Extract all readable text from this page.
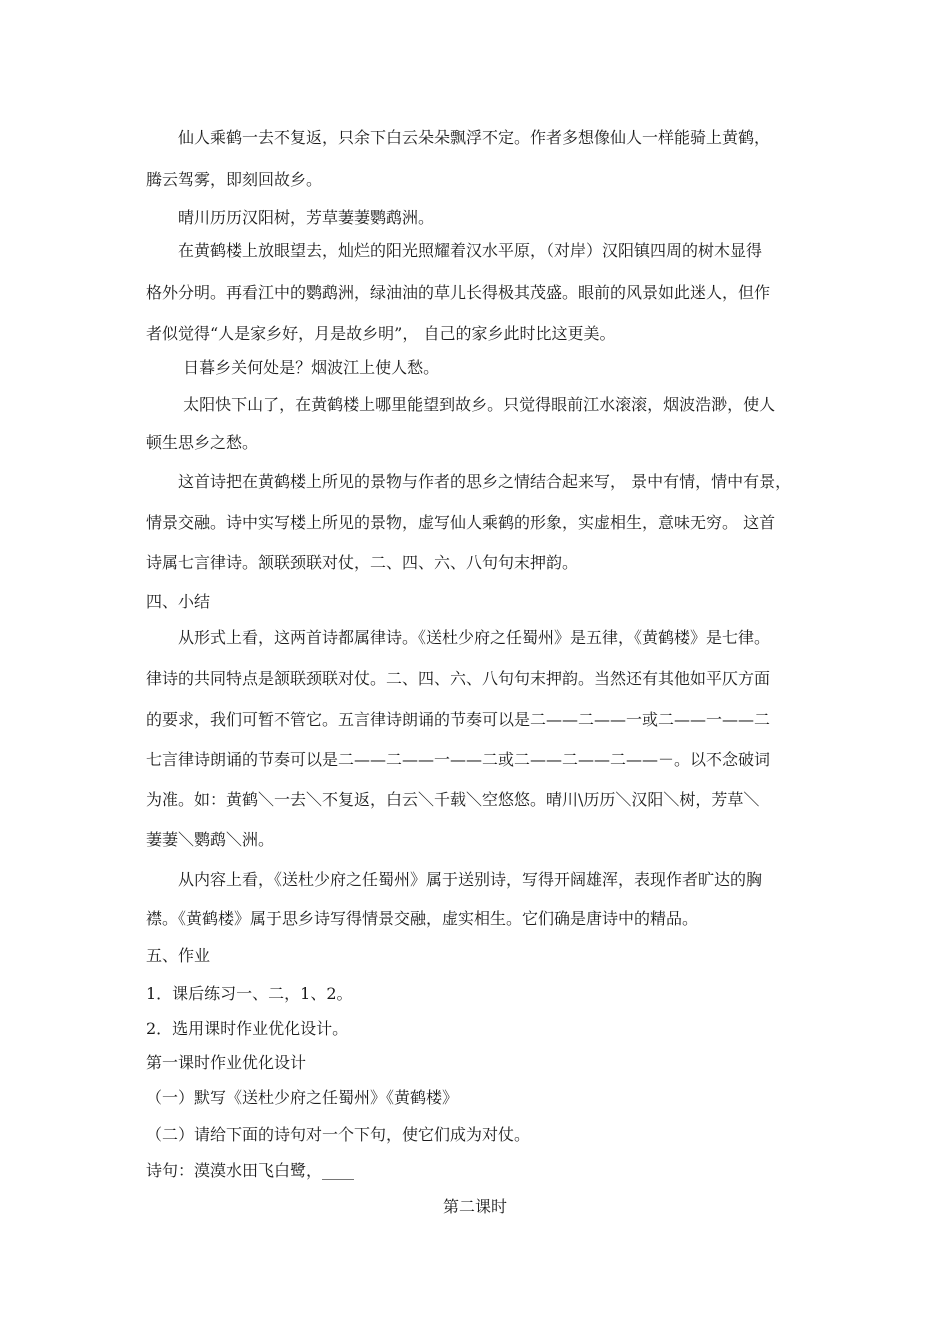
　　仙人乘鹤一去不复返，只余下白云朵朵飘浮不定。作者多想像仙人一样能骑上黄鹤，
腾云驾雾，即刻回故乡。
　　晴川历历汉阳树，芳草萋萋鹦鹉洲。
　　在黄鹤楼上放眼望去，灿烂的阳光照耀着汉水平原，（对岸）汉阳镇四周的树木显得
格外分明。再看江中的鹦鹉洲，绿油油的草儿长得极其茂盛。眼前的风景如此迷人，但作
者似觉得“人是家乡好，月是故乡明”， 自己的家乡此时比这更美。
　　 日暮乡关何处是？烟波江上使人愁。
　　 太阳快下山了，在黄鹤楼上哪里能望到故乡。只觉得眼前江水滚滚，烟波浩渺，使人
顿生思乡之愁。
　　这首诗把在黄鹤楼上所见的景物与作者的思乡之情结合起来写， 景中有情，情中有景，
情景交融。诗中实写楼上所见的景物，虚写仙人乘鹤的形象，实虚相生，意味无穷。 这首
诗属七言律诗。颔联颈联对仗，二、四、六、八句句末押韵。
四、小结
　　从形式上看，这两首诗都属律诗。《送杜少府之任蜀州》是五律，《黄鹤楼》是七律。
律诗的共同特点是颔联颈联对仗。二、四、六、八句句末押韵。当然还有其他如平仄方面
的要求，我们可暂不管它。五言律诗朗诵的节奏可以是二——二——一或二——一——二
七言律诗朗诵的节奏可以是二——二——一——二或二——二——二——－。以不念破词
为准。如：黄鹤＼一去＼不复返，白云＼千载＼空悠悠。晴川\历历＼汉阳＼树，芳草＼
萋萋＼鹦鹉＼洲。
　　从内容上看，《送杜少府之任蜀州》属于送别诗，写得开阔雄浑，表现作者旷达的胸
襟。《黄鹤楼》属于思乡诗写得情景交融，虚实相生。它们确是唐诗中的精品。
五、作业
1．课后练习一、二，1、2。
2．选用课时作业优化设计。
第一课时作业优化设计
（一）默写《送杜少府之任蜀州》《黄鹤楼》
（二）请给下面的诗句对一个下句，使它们成为对仗。
诗句：漠漠水田飞白鹭，____
第二课时
